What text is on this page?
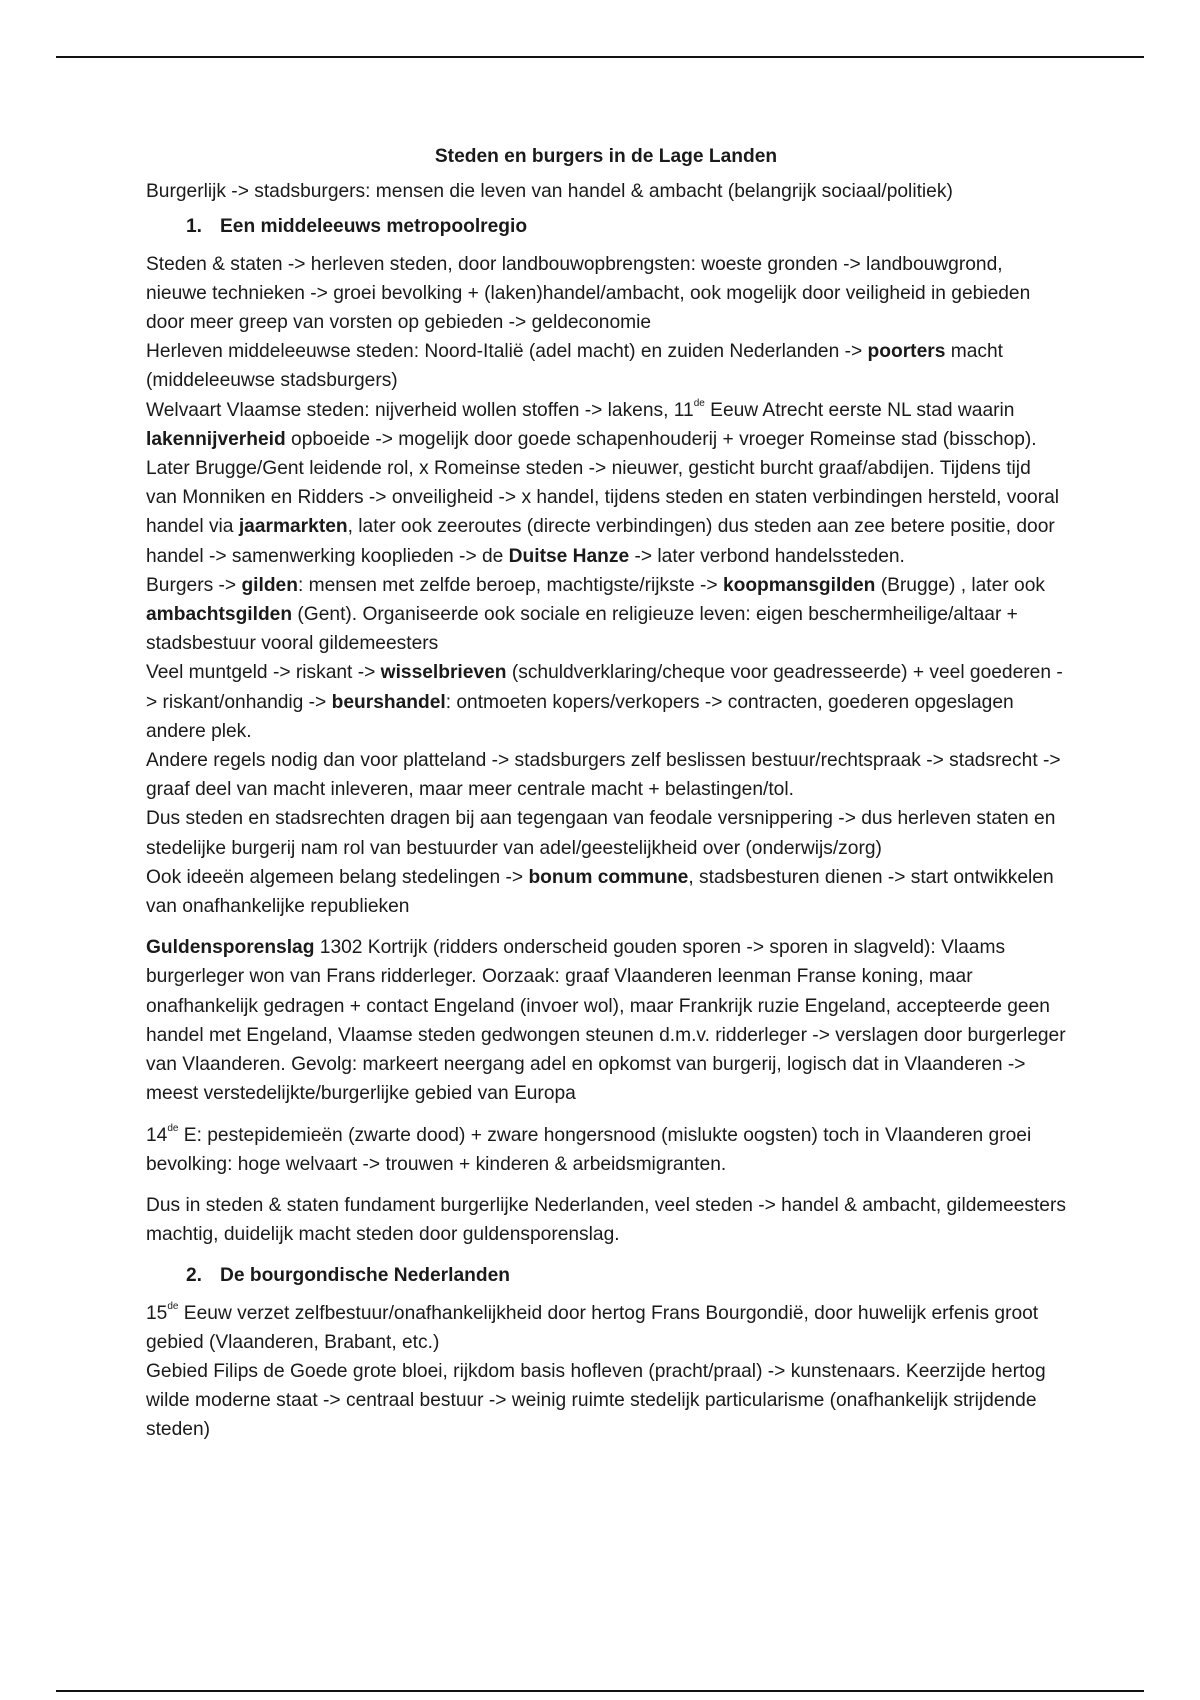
Steden en burgers in de Lage Landen

Burgerlijk -> stadsburgers: mensen die leven van handel & ambacht (belangrijk sociaal/politiek)

1. Een middeleeuws metropoolregio

Steden & staten -> herleven steden, door landbouwopbrengsten: woeste gronden -> landbouwgrond, nieuwe technieken -> groei bevolking + (laken)handel/ambacht, ook mogelijk door veiligheid in gebieden door meer greep van vorsten op gebieden -> geldeconomie

Herleven middeleeuwse steden: Noord-Italië (adel macht) en zuiden Nederlanden -> poorters macht (middeleeuwse stadsburgers)

Welvaart Vlaamse steden: nijverheid wollen stoffen -> lakens, 11de Eeuw Atrecht eerste NL stad waarin lakennijverheid opboeide -> mogelijk door goede schapenhouderij + vroeger Romeinse stad (bisschop). Later Brugge/Gent leidende rol, x Romeinse steden -> nieuwer, gesticht burcht graaf/abdijen. Tijdens tijd van Monniken en Ridders -> onveiligheid -> x handel, tijdens steden en staten verbindingen hersteld, vooral handel via jaarmarkten, later ook zeeroutes (directe verbindingen) dus steden aan zee betere positie, door handel -> samenwerking kooplieden -> de Duitse Hanze -> later verbond handelssteden.

Burgers -> gilden: mensen met zelfde beroep, machtigste/rijkste -> koopmansgilden (Brugge) , later ook ambachtsgilden (Gent). Organiseerde ook sociale en religieuze leven: eigen beschermheilige/altaar + stadsbestuur vooral gildemeesters

Veel muntgeld -> riskant -> wisselbrieven (schuldverklaring/cheque voor geadresseerde) + veel goederen -> riskant/onhandig -> beurshandel: ontmoeten kopers/verkopers -> contracten, goederen opgeslagen andere plek.

Andere regels nodig dan voor platteland -> stadsburgers zelf beslissen bestuur/rechtspraak -> stadsrecht -> graaf deel van macht inleveren, maar meer centrale macht + belastingen/tol.

Dus steden en stadsrechten dragen bij aan tegengaan van feodale versnippering -> dus herleven staten en stedelijke burgerij nam rol van bestuurder van adel/geestelijkheid over (onderwijs/zorg)

Ook ideeën algemeen belang stedelingen -> bonum commune, stadsbesturen dienen -> start ontwikkelen van onafhankelijke republieken

Guldensporenslag 1302 Kortrijk (ridders onderscheid gouden sporen -> sporen in slagveld): Vlaams burgerleger won van Frans ridderleger. Oorzaak: graaf Vlaanderen leenman Franse koning, maar onafhankelijk gedragen + contact Engeland (invoer wol), maar Frankrijk ruzie Engeland, accepteerde geen handel met Engeland, Vlaamse steden gedwongen steunen d.m.v. ridderleger -> verslagen door burgerleger van Vlaanderen. Gevolg: markeert neergang adel en opkomst van burgerij, logisch dat in Vlaanderen -> meest verstedelijkte/burgerlijke gebied van Europa

14de E: pestepidemieën (zwarte dood) + zware hongersnood (mislukte oogsten) toch in Vlaanderen groei bevolking: hoge welvaart -> trouwen + kinderen & arbeidsmigranten.

Dus in steden & staten fundament burgerlijke Nederlanden, veel steden -> handel & ambacht, gildemeesters machtig, duidelijk macht steden door guldensporenslag.

2. De bourgondische Nederlanden

15de Eeuw verzet zelfbestuur/onafhankelijkheid door hertog Frans Bourgondië, door huwelijk erfenis groot gebied (Vlaanderen, Brabant, etc.)

Gebied Filips de Goede grote bloei, rijkdom basis hofleven (pracht/praal) -> kunstenaars. Keerzijde hertog wilde moderne staat -> centraal bestuur -> weinig ruimte stedelijk particularisme (onafhankelijk strijdende steden)
